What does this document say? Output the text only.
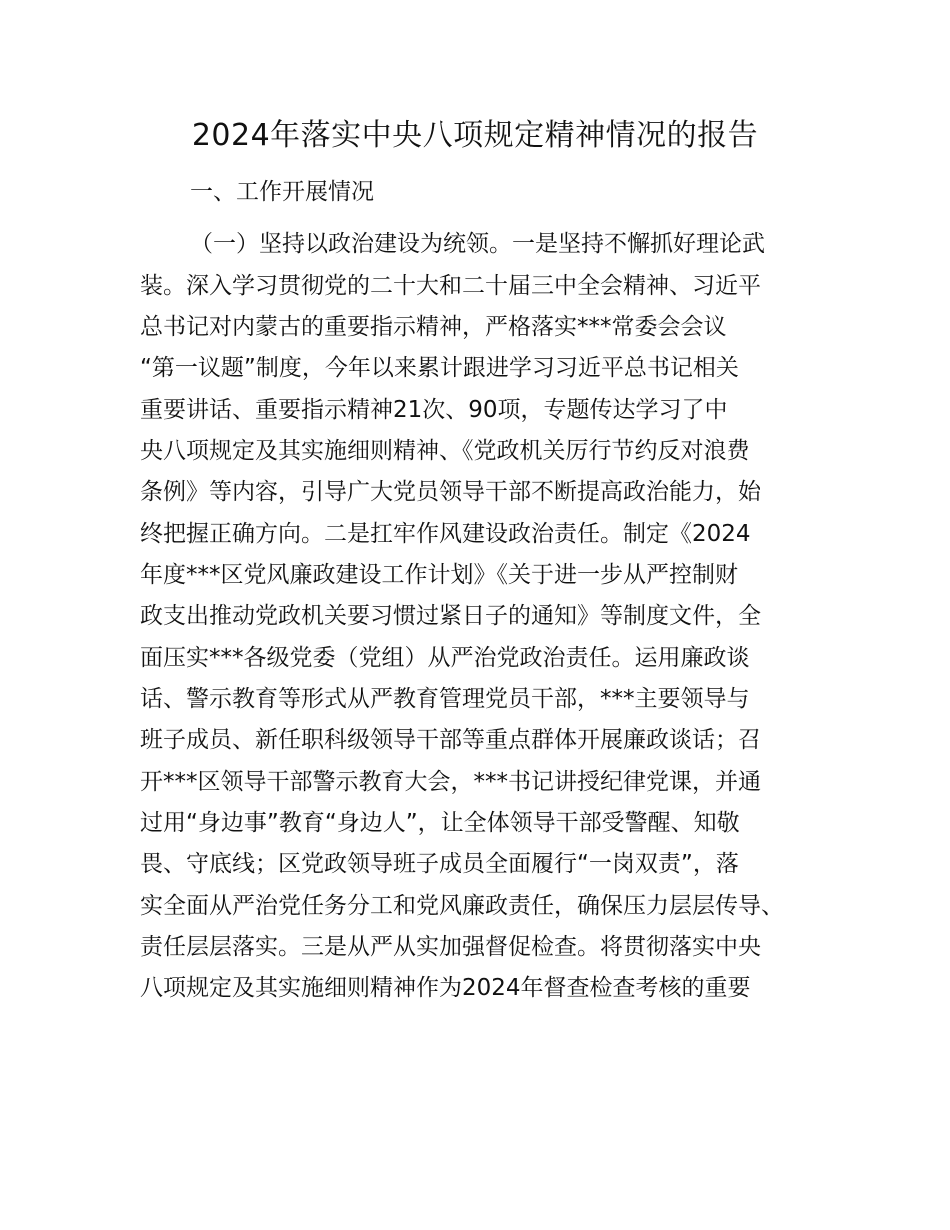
2024年落实中央八项规定精神情况的报告
一、工作开展情况
（一）坚持以政治建设为统领。一是坚持不懈抓好理论武
装。深入学习贯彻党的二十大和二十届三中全会精神、习近平
总书记对内蒙古的重要指示精神，严格落实***常委会会议
“第一议题”制度，今年以来累计跟进学习习近平总书记相关
重要讲话、重要指示精神21次、90项，专题传达学习了中
央八项规定及其实施细则精神、《党政机关厉行节约反对浪费
条例》等内容，引导广大党员领导干部不断提高政治能力，始
终把握正确方向。二是扛牢作风建设政治责任。制定《2024
年度***区党风廉政建设工作计划》《关于进一步从严控制财
政支出推动党政机关要习惯过紧日子的通知》等制度文件，全
面压实***各级党委（党组）从严治党政治责任。运用廉政谈
话、警示教育等形式从严教育管理党员干部，***主要领导与
班子成员、新任职科级领导干部等重点群体开展廉政谈话；召
开***区领导干部警示教育大会，***书记讲授纪律党课，并通
过用“身边事”教育“身边人”，让全体领导干部受警醒、知敬
畏、守底线；区党政领导班子成员全面履行“一岗双责”，落
实全面从严治党任务分工和党风廉政责任，确保压力层层传导、
责任层层落实。三是从严从实加强督促检查。将贯彻落实中央
八项规定及其实施细则精神作为2024年督查检查考核的重要
